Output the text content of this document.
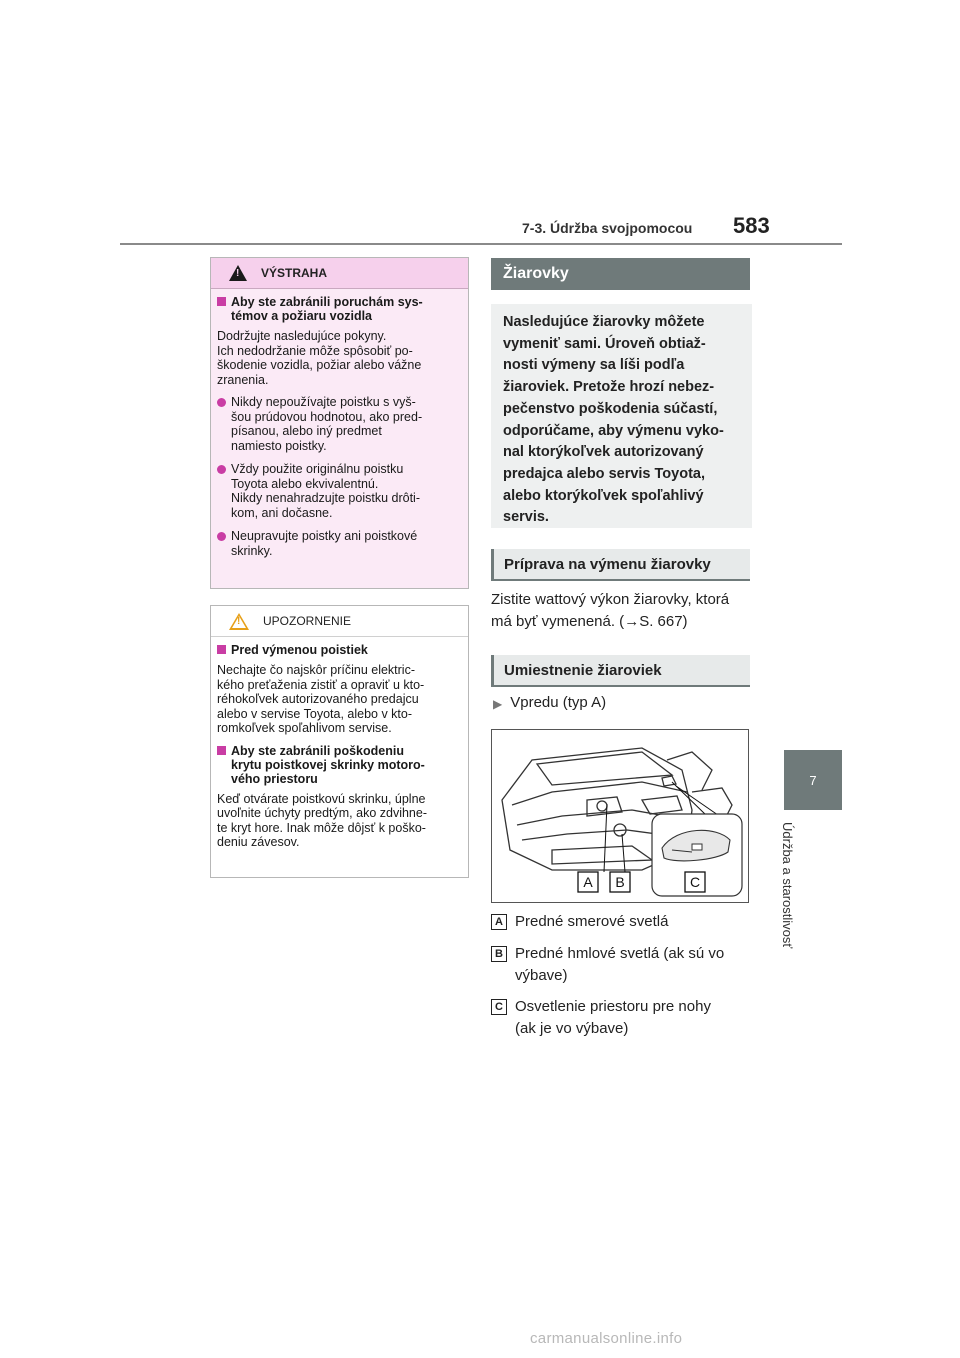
7-3. Údržba svojpomocou 583
7
Údržba a starostlivosť
!
VÝSTRAHA
Aby ste zabránili poruchám sys-
témov a požiaru vozidla
Dodržujte nasledujúce pokyny.
Ich nedodržanie môže spôsobiť po-
škodenie vozidla, požiar alebo vážne
zranenia.
Nikdy nepoužívajte poistku s vyš-
šou prúdovou hodnotou, ako pred-
písanou, alebo iný predmet
namiesto poistky.
Vždy použite originálnu poistku
Toyota alebo ekvivalentnú.
Nikdy nenahradzujte poistku drôti-
kom, ani dočasne.
Neupravujte poistky ani poistkové
skrinky.
!
UPOZORNENIE
Pred výmenou poistiek
Nechajte čo najskôr príčinu elektric-
kého preťaženia zistiť a opraviť u kto-
réhokoľvek autorizovaného predajcu
alebo v servise Toyota, alebo v kto-
romkoľvek spoľahlivom servise.
Aby ste zabránili poškodeniu
krytu poistkovej skrinky motoro-
vého priestoru
Keď otvárate poistkovú skrinku, úplne
uvoľnite úchyty predtým, ako zdvihne-
te kryt hore. Inak môže dôjsť k poško-
deniu závesov.
Žiarovky
Nasledujúce žiarovky môžete
vymeniť sami. Úroveň obtiaž-
nosti výmeny sa líši podľa
žiaroviek. Pretože hrozí nebez-
pečenstvo poškodenia súčastí,
odporúčame, aby výmenu vyko-
nal ktorýkoľvek autorizovaný
predajca alebo servis Toyota,
alebo ktorýkoľvek spoľahlivý
servis.
Príprava na výmenu žiarovky
Zistite wattový výkon žiarovky, ktorá
má byť vymenená. (→S. 667)
Umiestnenie žiaroviek
▶ Vpredu (typ A)
A B	C
A Predné smerové svetlá
B Predné hmlové svetlá (ak sú vo
výbave)
C Osvetlenie priestoru pre nohy
(ak je vo výbave)
carmanualsonline.info
